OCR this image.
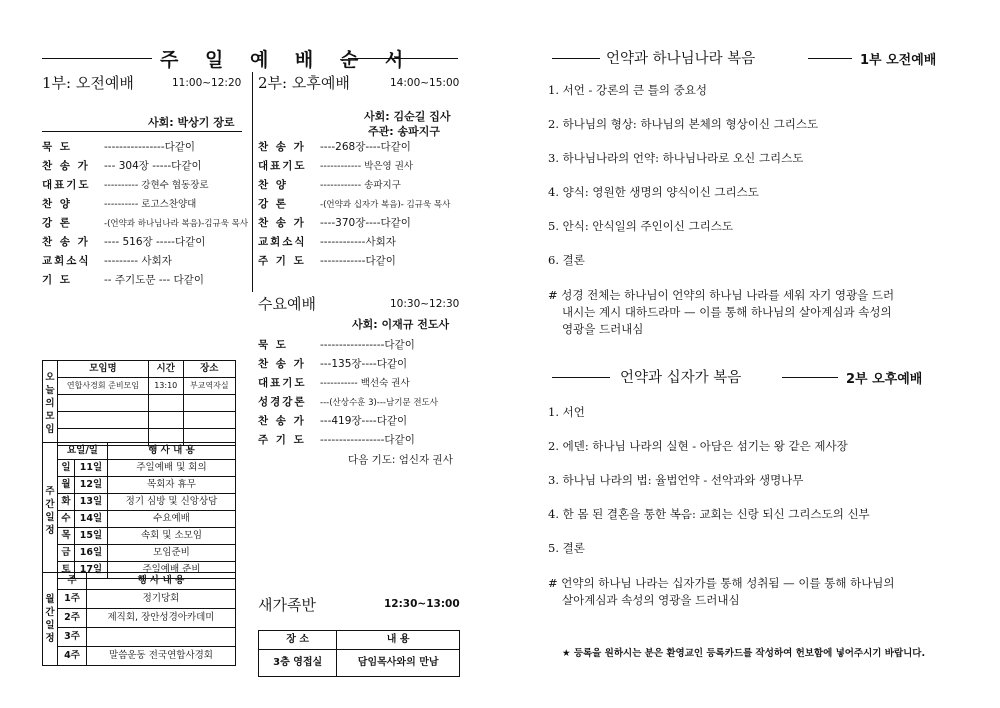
주 일 예 배 순 서
1부: 오전예배	11:00~12:20
사회: 박상기 장로
묵 도	----------------다같이
찬 송 가 --- 304장 -----다같이
대표기도 ---------- 강현수 협동장로
찬 양	---------- 로고스찬양대
강 론	-(언약과 하나님나라 복음)-김규욱 목사
찬 송 가 ---- 516장 -----다같이
교회소식 --------- 사회자
기 도	-- 주기도문 --- 다같이
2부: 오후예배	14:00~15:00
사회: 김순길 집사
주관: 송파지구
찬 송 가 ----268장----다같이
대표기도 ------------ 박은영 권사
찬 양	------------ 송파지구
강 론	-(언약과 십자가 복음)- 김규욱 목사
찬 송 가 ----370장----다같이
교회소식 ------------사회자
주 기 도 ------------다같이
수요예배	10:30~12:30
사회: 이재규 전도사
묵 도	-----------------다같이
찬 송 가 ---135장----다같이
대표기도 ----------- 백선숙 권사
성경강론 ---(산상수훈 3)---남기문 전도사
찬 송 가 ---419장----다같이
주 기 도 -----------------다같이
다음 기도: 엄신자 권사
오
늘
의
모
임	모임명	시간	장소
	연합사경회 준비모임	13:10	부교역자실

주
간
일
정	요일/일		행 사 내 용
	일	11일	주일예배 및 회의
	월	12일	목회자 휴무
	화	13일	정기 심방 및 신앙상담
	수	14일	수요예배
	목	15일	속회 및 소모임
	금	16일	모임준비
	토	17일	주일예배 준비
월
간
일
정	주	행 사 내 용
	1주	정기당회
	2주	제직회, 장안성경아카데미
	3주	
	4주	말씀운동 전국연합사경회
새가족반	12:30~13:00
장 소	내 용
3층 영접실	담임목사와의 만남
언약과 하나님나라 복음	1부 오전예배
1. 서언 - 강론의 큰 틀의 중요성
2. 하나님의 형상: 하나님의 본체의 형상이신 그리스도
3. 하나님나라의 언약: 하나님나라로 오신 그리스도
4. 양식: 영원한 생명의 양식이신 그리스도
5. 안식: 안식일의 주인이신 그리스도
6. 결론
# 성경 전체는 하나님이 언약의 하나님 나라를 세워 자기 영광을 드러
내시는 계시 대하드라마 — 이를 통해 하나님의 살아계심과 속성의
영광을 드러내심
언약과 십자가 복음	2부 오후예배
1. 서언
2. 에덴: 하나님 나라의 실현 - 아담은 섬기는 왕 같은 제사장
3. 하나님 나라의 법: 율법언약 - 선악과와 생명나무
4. 한 몸 된 결혼을 통한 복음: 교회는 신랑 되신 그리스도의 신부
5. 결론
# 언약의 하나님 나라는 십자가를 통해 성취됨 — 이를 통해 하나님의
살아계심과 속성의 영광을 드러내심
★ 등록을 원하시는 분은 환영교인 등록카드를 작성하여 헌보함에 넣어주시기 바랍니다.
